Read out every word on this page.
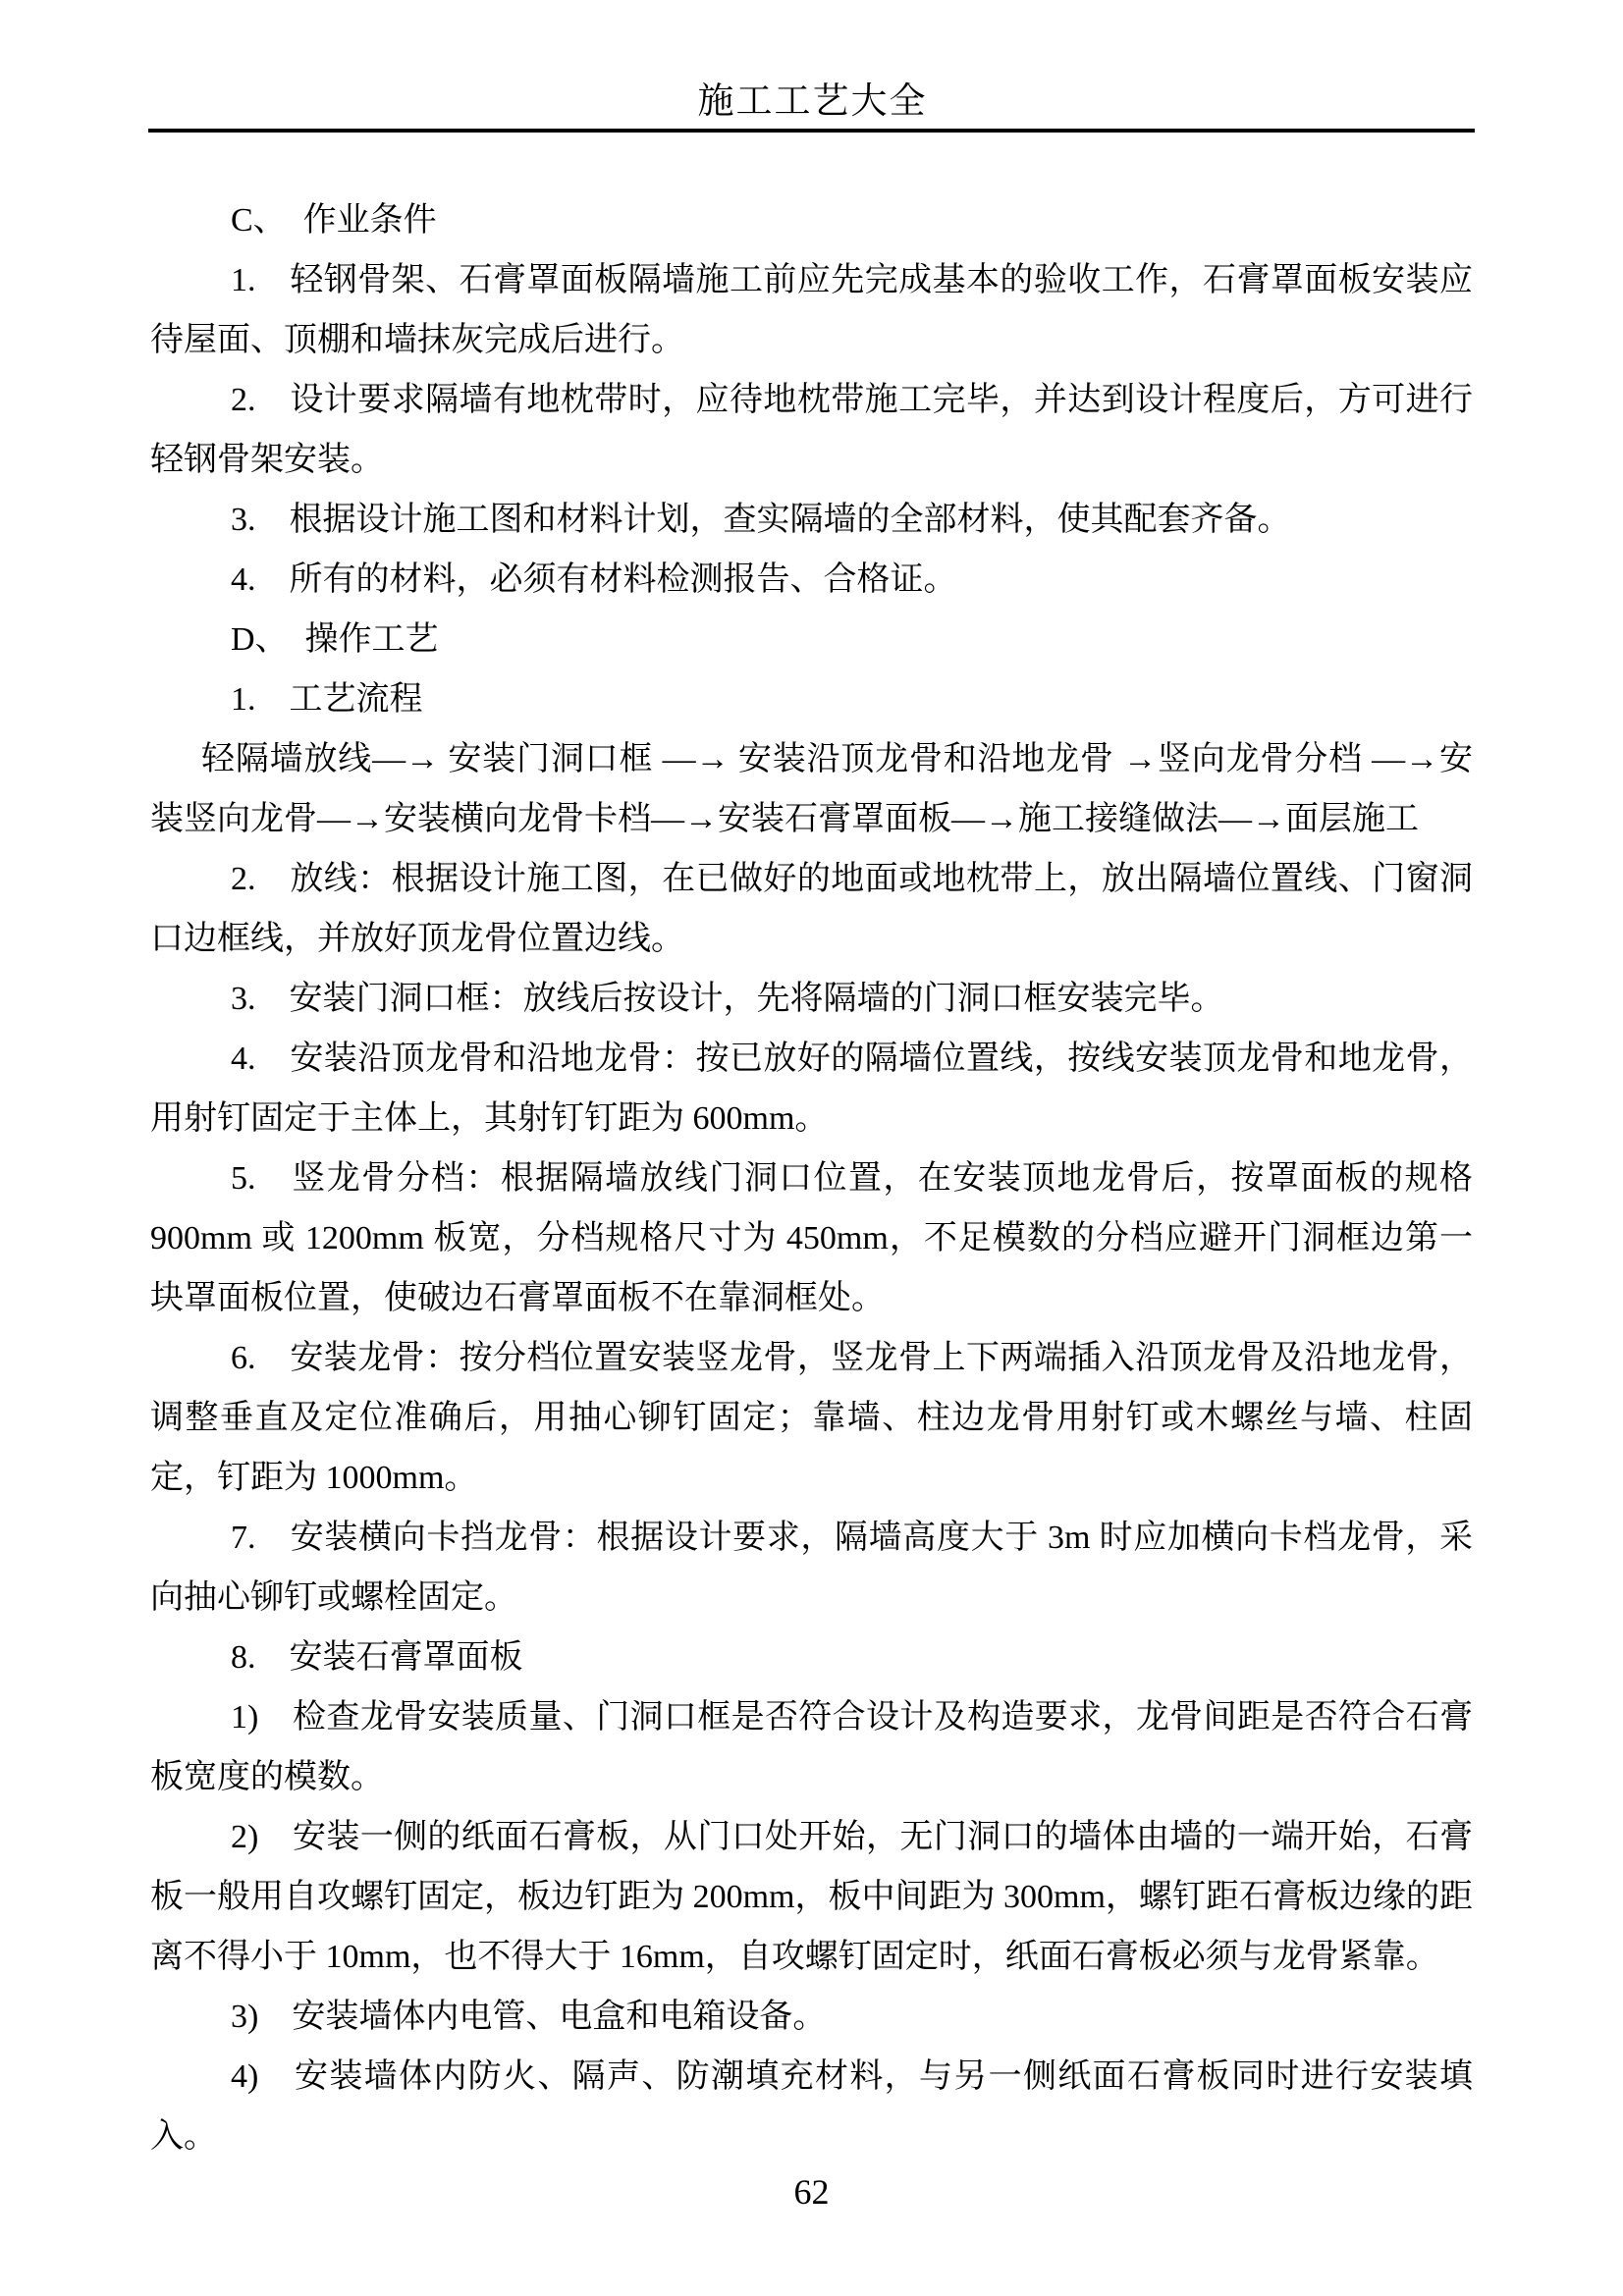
施工工艺大全

C、　作业条件

1.　轻钢骨架、石膏罩面板隔墙施工前应先完成基本的验收工作，石膏罩面板安装应待屋面、顶棚和墙抹灰完成后进行。

2.　设计要求隔墙有地枕带时，应待地枕带施工完毕，并达到设计程度后，方可进行轻钢骨架安装。

3.　根据设计施工图和材料计划，查实隔墙的全部材料，使其配套齐备。

4.　所有的材料，必须有材料检测报告、合格证。

D、　操作工艺

1.　工艺流程

轻隔墙放线—→ 安装门洞口框 —→ 安装沿顶龙骨和沿地龙骨 →竖向龙骨分档 —→安装竖向龙骨—→安装横向龙骨卡档—→安装石膏罩面板—→施工接缝做法—→面层施工

2.　放线：根据设计施工图，在已做好的地面或地枕带上，放出隔墙位置线、门窗洞口边框线，并放好顶龙骨位置边线。

3.　安装门洞口框：放线后按设计，先将隔墙的门洞口框安装完毕。

4.　安装沿顶龙骨和沿地龙骨：按已放好的隔墙位置线，按线安装顶龙骨和地龙骨，用射钉固定于主体上，其射钉钉距为 600mm。

5.　竖龙骨分档：根据隔墙放线门洞口位置，在安装顶地龙骨后，按罩面板的规格 900mm 或 1200mm 板宽，分档规格尺寸为 450mm，不足模数的分档应避开门洞框边第一块罩面板位置，使破边石膏罩面板不在靠洞框处。

6.　安装龙骨：按分档位置安装竖龙骨，竖龙骨上下两端插入沿顶龙骨及沿地龙骨，调整垂直及定位准确后，用抽心铆钉固定；靠墙、柱边龙骨用射钉或木螺丝与墙、柱固定，钉距为 1000mm。

7.　安装横向卡挡龙骨：根据设计要求，隔墙高度大于 3m 时应加横向卡档龙骨，采向抽心铆钉或螺栓固定。

8.　安装石膏罩面板

1)　检查龙骨安装质量、门洞口框是否符合设计及构造要求，龙骨间距是否符合石膏板宽度的模数。

2)　安装一侧的纸面石膏板，从门口处开始，无门洞口的墙体由墙的一端开始，石膏板一般用自攻螺钉固定，板边钉距为 200mm，板中间距为 300mm，螺钉距石膏板边缘的距离不得小于 10mm，也不得大于 16mm，自攻螺钉固定时，纸面石膏板必须与龙骨紧靠。

3)　安装墙体内电管、电盒和电箱设备。

4)　安装墙体内防火、隔声、防潮填充材料，与另一侧纸面石膏板同时进行安装填入。

62
